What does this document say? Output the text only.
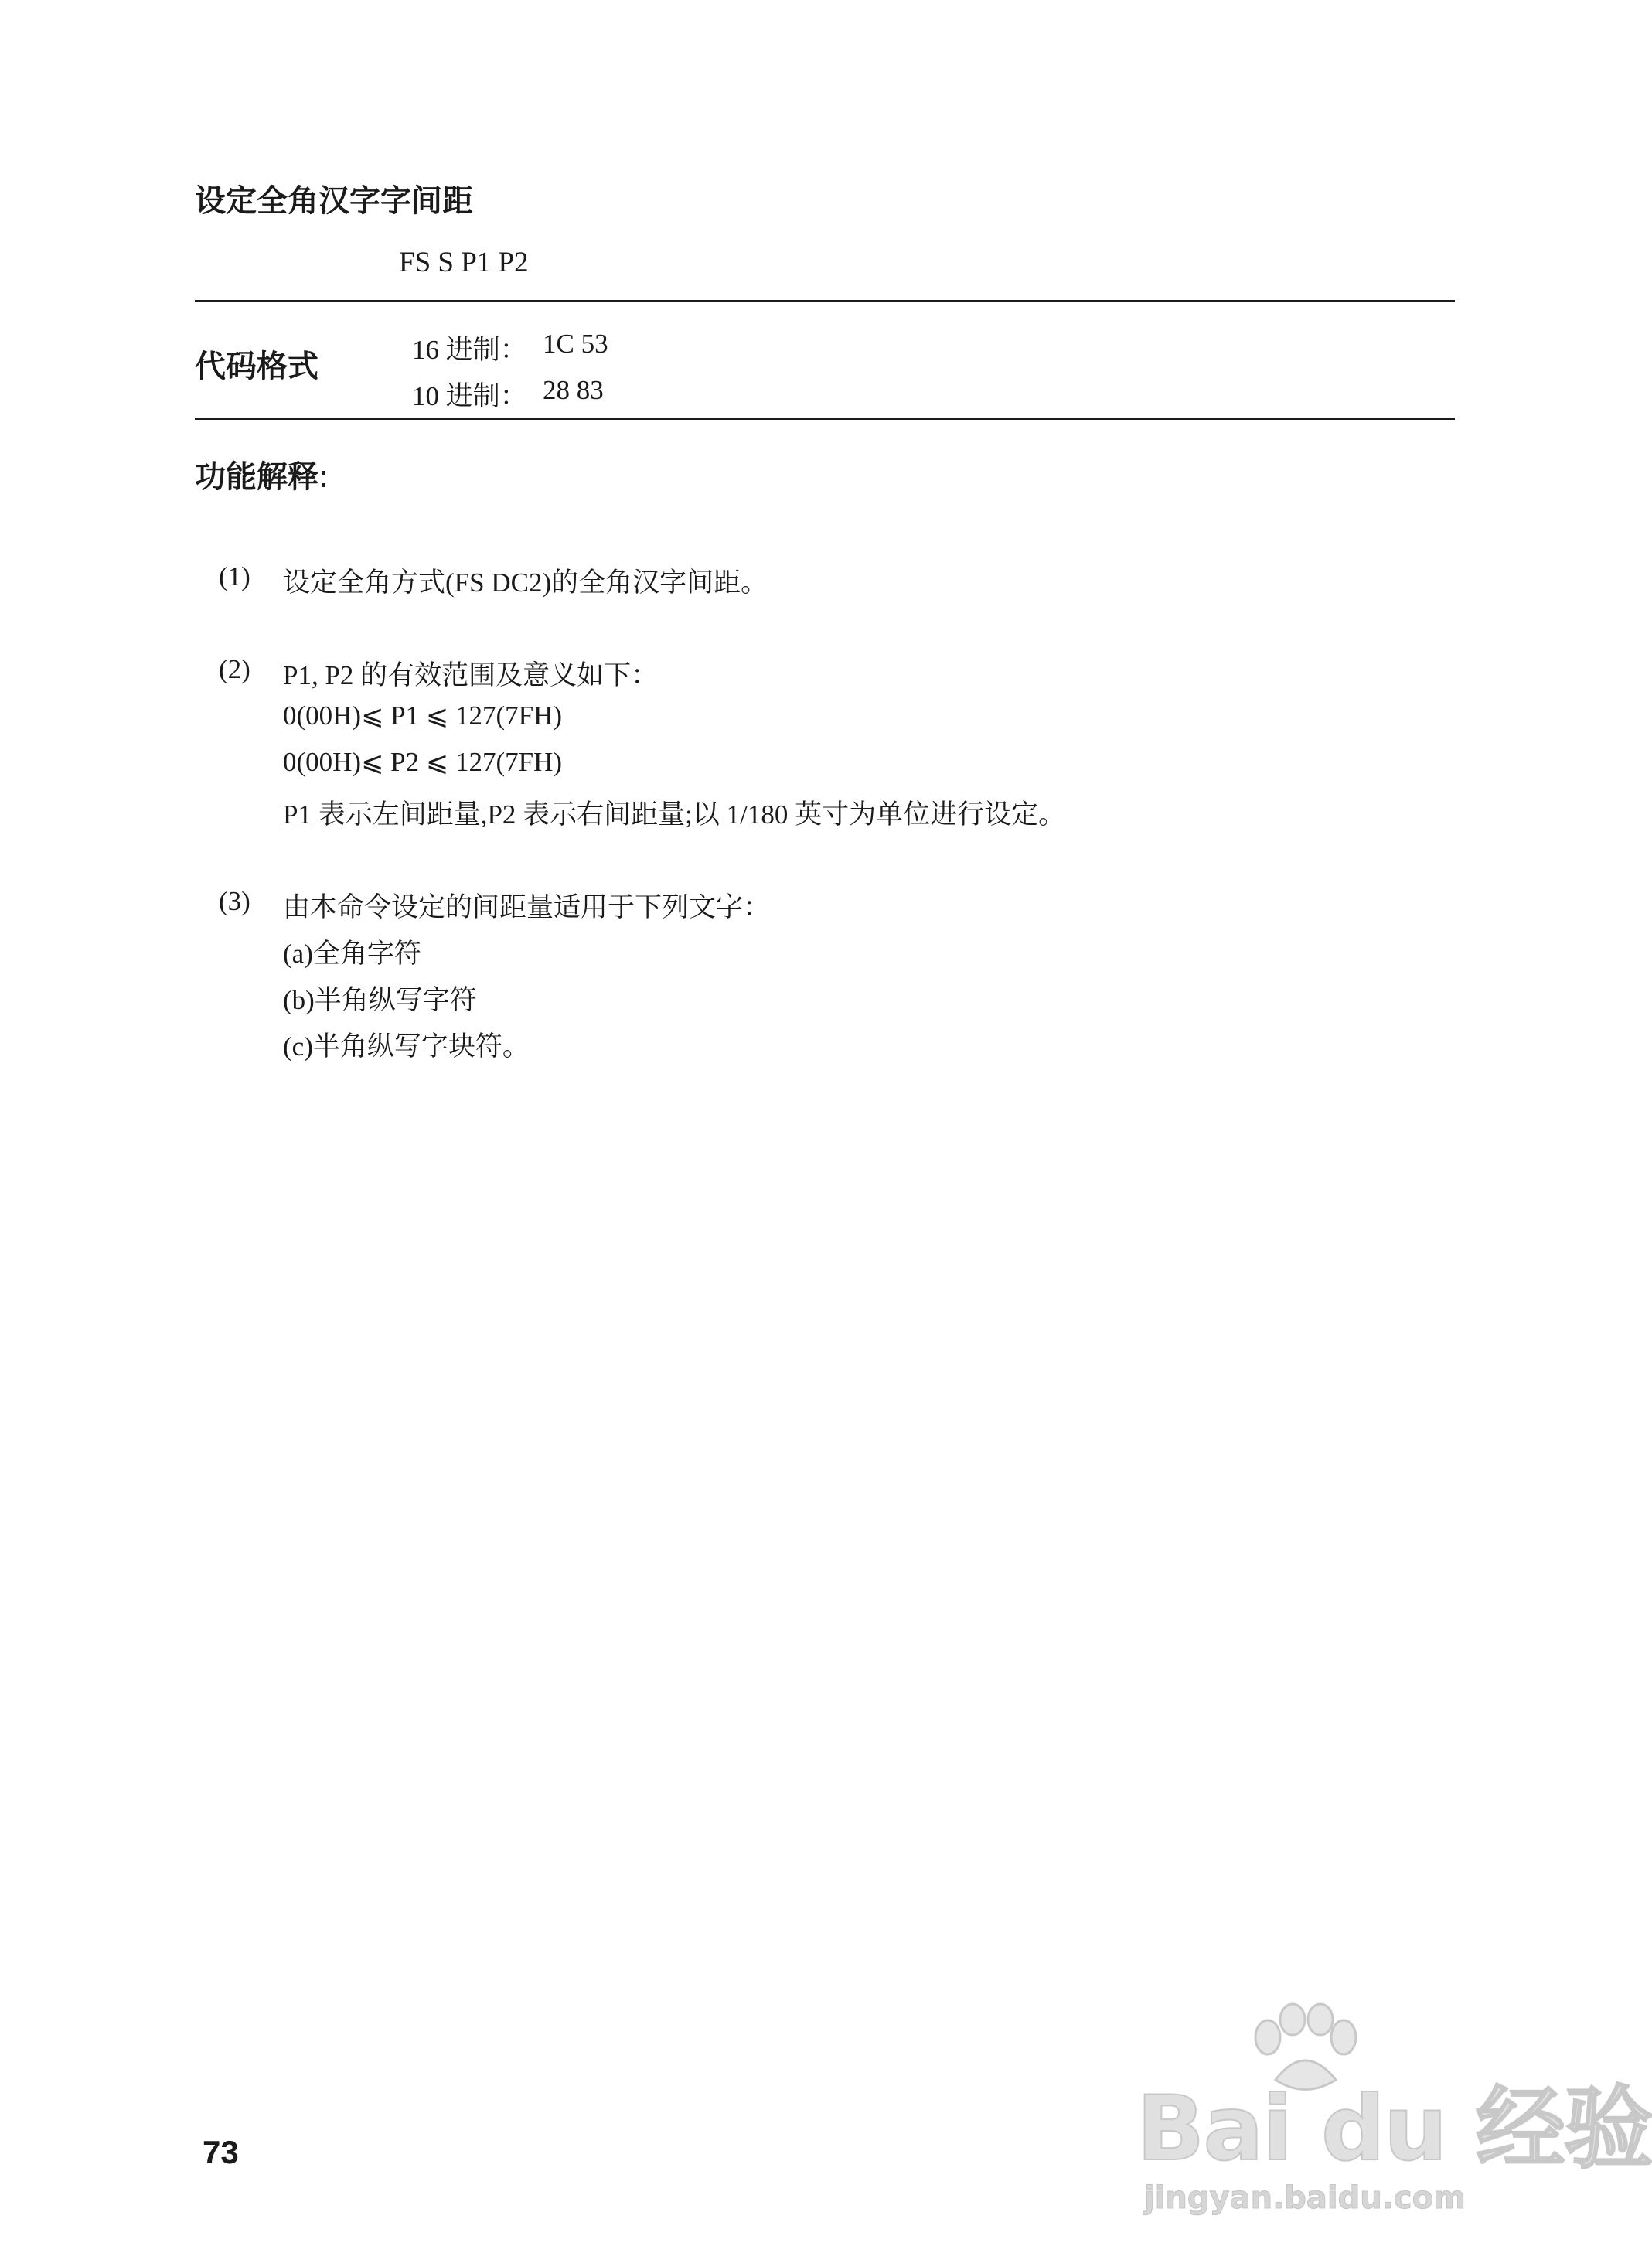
设定全角汉字字间距
FS S P1 P2
代码格式	16 进制： 1C 53
10 进制： 28 83
功能解释:
(1) 设定全角方式(FS DC2)的全角汉字间距。
(2) P1, P2 的有效范围及意义如下：
0(00H)⩽ P1 ⩽ 127(7FH)
0(00H)⩽ P2 ⩽ 127(7FH)
P1 表示左间距量,P2 表示右间距量;以 1/180 英寸为单位进行设定。
(3) 由本命令设定的间距量适用于下列文字：
(a)全角字符
(b)半角纵写字符
(c)半角纵写字块符。
73	Bai du 经验
jingyan.baidu.com
